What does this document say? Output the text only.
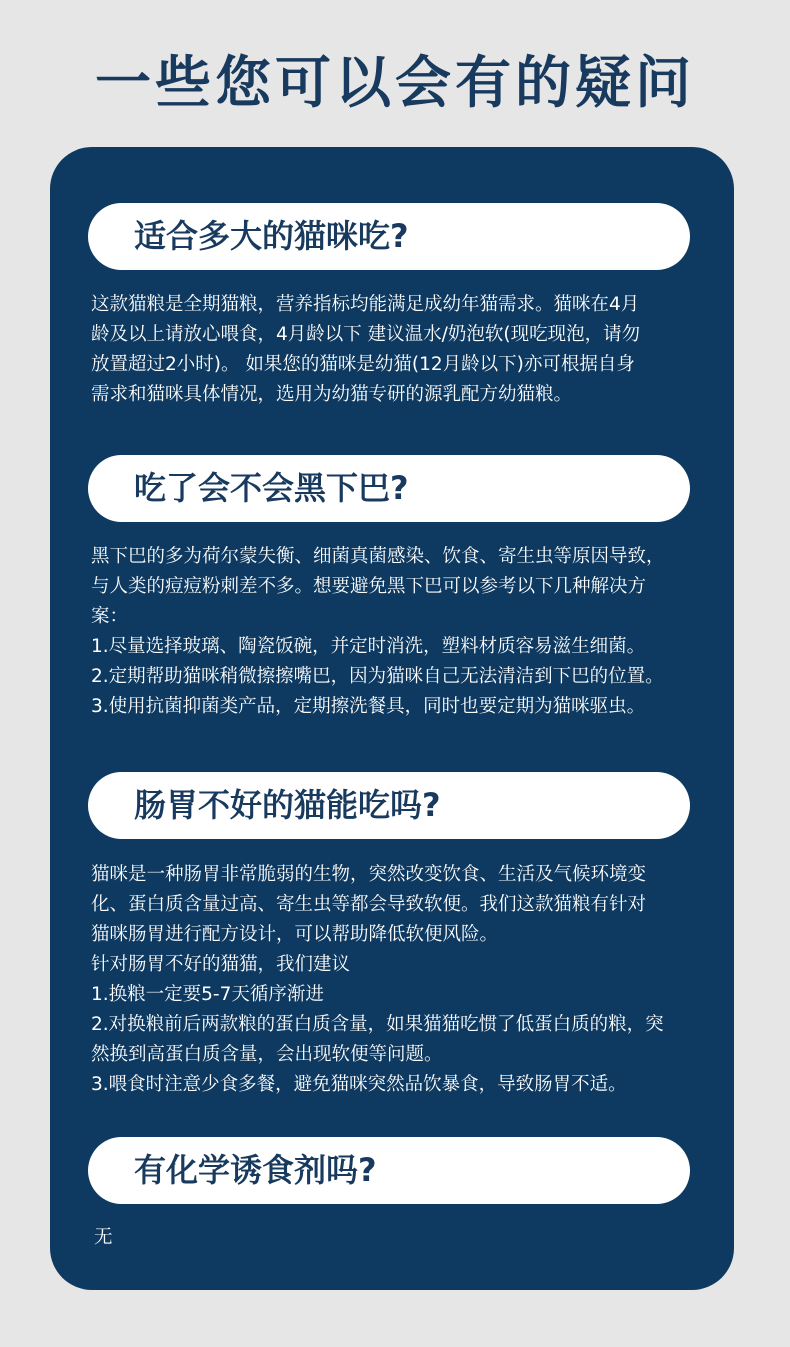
一些您可以会有的疑问
适合多大的猫咪吃?
这款猫粮是全期猫粮，营养指标均能满足成幼年猫需求。猫咪在4月
龄及以上请放心喂食，4月龄以下 建议温水/奶泡软(现吃现泡，请勿
放置超过2小时)。 如果您的猫咪是幼猫(12月龄以下)亦可根据自身
需求和猫咪具体情况，选用为幼猫专研的源乳配方幼猫粮。
吃了会不会黑下巴?
黑下巴的多为荷尔蒙失衡、细菌真菌感染、饮食、寄生虫等原因导致，
与人类的痘痘粉刺差不多。想要避免黑下巴可以参考以下几种解决方
案：
1.尽量选择玻璃、陶瓷饭碗，并定时消洗，塑料材质容易滋生细菌。
2.定期帮助猫咪稍微擦擦嘴巴，因为猫咪自己无法清洁到下巴的位置。
3.使用抗菌抑菌类产品，定期擦洗餐具，同时也要定期为猫咪驱虫。
肠胃不好的猫能吃吗?
猫咪是一种肠胃非常脆弱的生物，突然改变饮食、生活及气候环境变
化、蛋白质含量过高、寄生虫等都会导致软便。我们这款猫粮有针对
猫咪肠胃进行配方设计，可以帮助降低软便风险。
针对肠胃不好的猫猫，我们建议
1.换粮一定要5-7天循序渐进
2.对换粮前后两款粮的蛋白质含量，如果猫猫吃惯了低蛋白质的粮，突
然换到高蛋白质含量，会出现软便等问题。
3.喂食时注意少食多餐，避免猫咪突然品饮暴食，导致肠胃不适。
有化学诱食剂吗?
无
